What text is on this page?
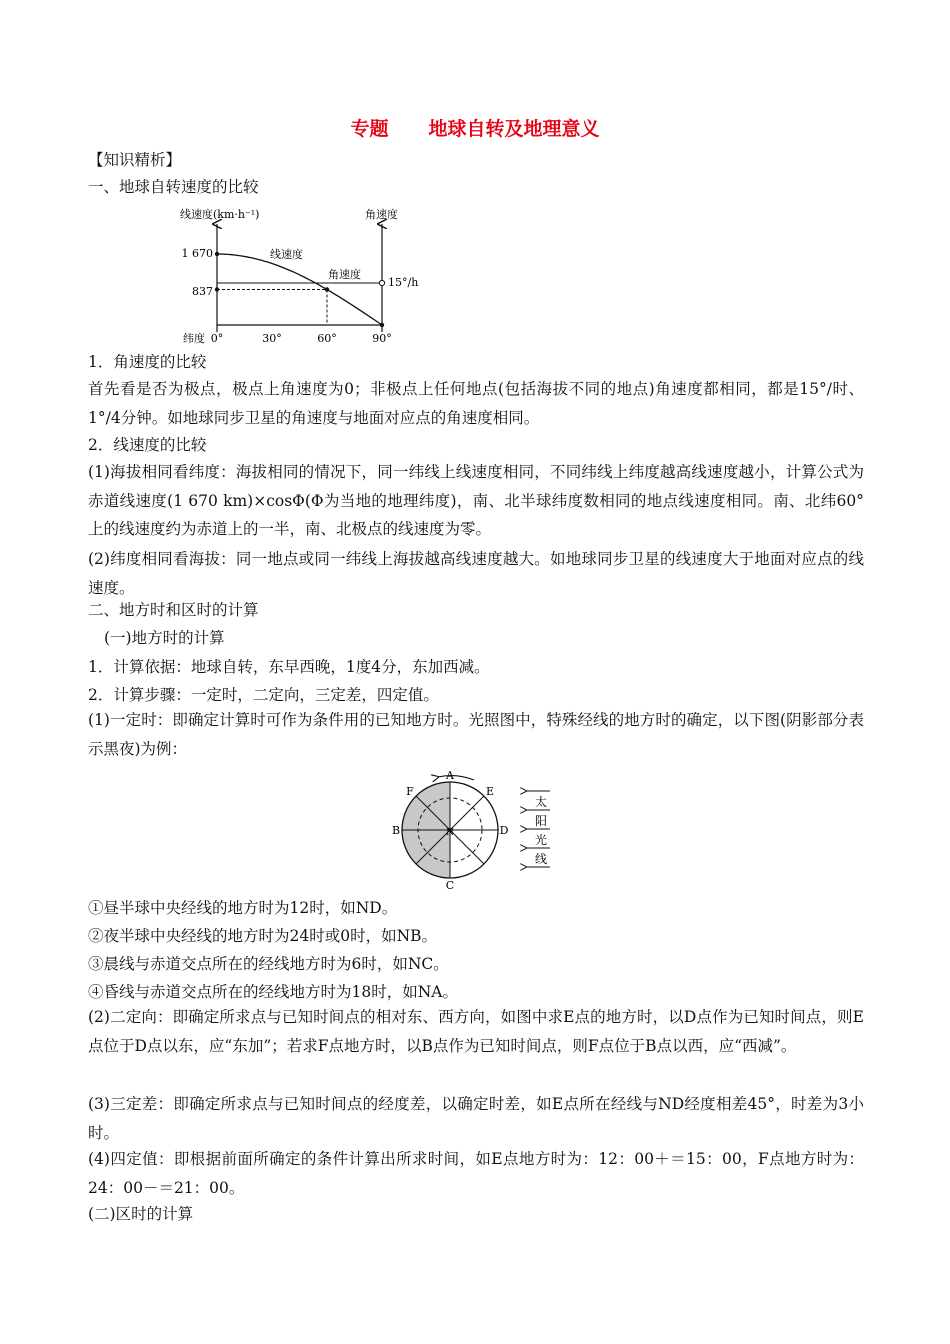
专题 地球自转及地理意义
【知识精析】
一、地球自转速度的比较
线速度(km·h⁻¹)	角速度
纬度 0°	30°	60°	90°
1 670
837
线速度
角速度
15°/h
1．角速度的比较
首先看是否为极点，极点上角速度为0；非极点上任何地点(包括海拔不同的地点)角速度都相同，都是15°/时、1°/4分钟。如地球同步卫星的角速度与地面对应点的角速度相同。
2．线速度的比较
(1)海拔相同看纬度：海拔相同的情况下，同一纬线上线速度相同，不同纬线上纬度越高线速度越小，计算公式为赤道线速度(1 670 km)×cosΦ(Φ为当地的地理纬度)，南、北半球纬度数相同的地点线速度相同。南、北纬60°上的线速度约为赤道上的一半，南、北极点的线速度为零。
(2)纬度相同看海拔：同一地点或同一纬线上海拔越高线速度越大。如地球同步卫星的线速度大于地面对应点的线速度。
二、地方时和区时的计算
(一)地方时的计算
1．计算依据：地球自转，东早西晚，1度4分，东加西减。
2．计算步骤：一定时，二定向，三定差，四定值。
(1)一定时：即确定计算时可作为条件用的已知地方时。光照图中，特殊经线的地方时的确定，以下图(阴影部分表示黑夜)为例：
A
C
B	D
E
F
N
太
阳
光
线
①昼半球中央经线的地方时为12时，如ND。
②夜半球中央经线的地方时为24时或0时，如NB。
③晨线与赤道交点所在的经线地方时为6时，如NC。
④昏线与赤道交点所在的经线地方时为18时，如NA。
(2)二定向：即确定所求点与已知时间点的相对东、西方向，如图中求E点的地方时，以D点作为已知时间点，则E点位于D点以东，应“东加”；若求F点地方时，以B点作为已知时间点，则F点位于B点以西，应“西减”。
(3)三定差：即确定所求点与已知时间点的经度差，以确定时差，如E点所在经线与ND经度相差45°，时差为3小时。
(4)四定值：即根据前面所确定的条件计算出所求时间，如E点地方时为：12：00＋＝15：00，F点地方时为：24：00－＝21：00。
(二)区时的计算
